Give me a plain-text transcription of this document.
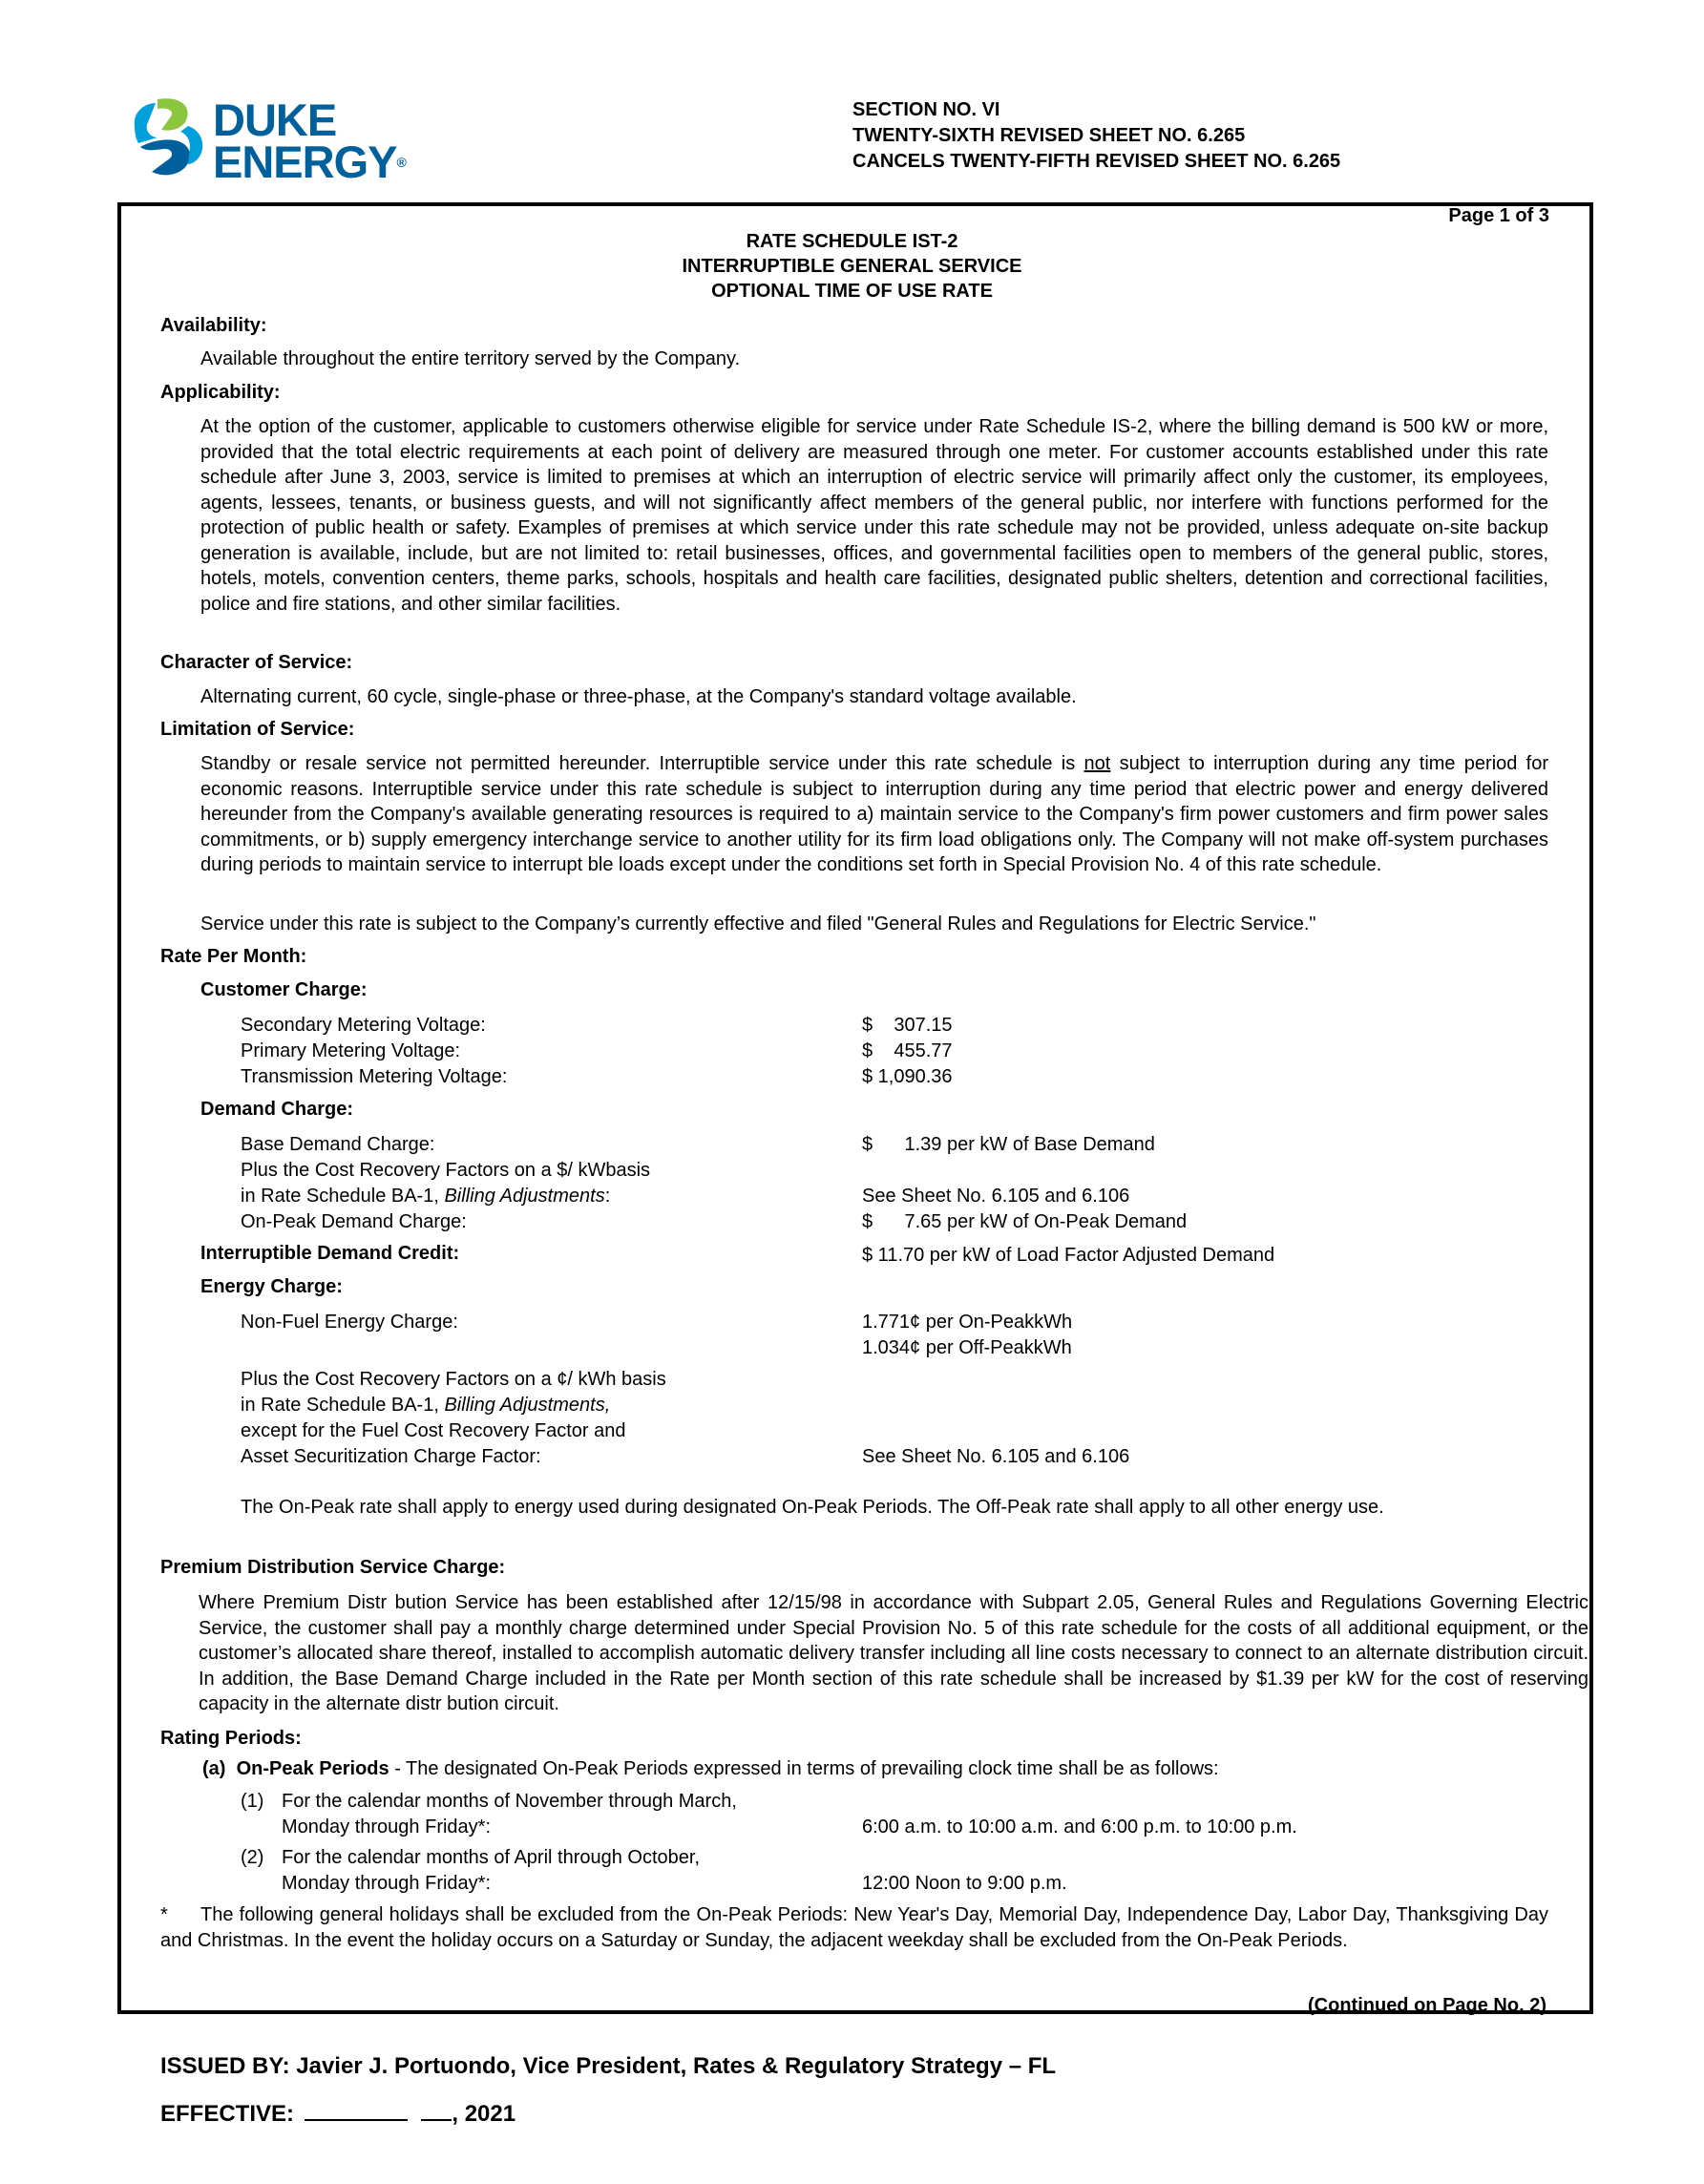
DUKE
ENERGY®
SECTION NO. VI
TWENTY-SIXTH REVISED SHEET NO. 6.265
CANCELS TWENTY-FIFTH REVISED SHEET NO. 6.265
Page 1 of 3
RATE SCHEDULE IST-2
INTERRUPTIBLE GENERAL SERVICE
OPTIONAL TIME OF USE RATE
Availability:
Available throughout the entire territory served by the Company.
Applicability:
At the option of the customer, applicable to customers otherwise eligible for service under Rate Schedule IS-2, where the billing demand is 500 kW or more, provided that the total electric requirements at each point of delivery are measured through one meter. For customer accounts established under this rate schedule after June 3, 2003, service is limited to premises at which an interruption of electric service will primarily affect only the customer, its employees, agents, lessees, tenants, or business guests, and will not significantly affect members of the general public, nor interfere with functions performed for the protection of public health or safety. Examples of premises at which service under this rate schedule may not be provided, unless adequate on-site backup generation is available, include, but are not limited to: retail businesses, offices, and governmental facilities open to members of the general public, stores, hotels, motels, convention centers, theme parks, schools, hospitals and health care facilities, designated public shelters, detention and correctional facilities, police and fire stations, and other similar facilities.
Character of Service:
Alternating current, 60 cycle, single-phase or three-phase, at the Company's standard voltage available.
Limitation of Service:
Standby or resale service not permitted hereunder. Interruptible service under this rate schedule is not subject to interruption during any time period for economic reasons. Interruptible service under this rate schedule is subject to interruption during any time period that electric power and energy delivered hereunder from the Company's available generating resources is required to a) maintain service to the Company's firm power customers and firm power sales commitments, or b) supply emergency interchange service to another utility for its firm load obligations only. The Company will not make off-system purchases during periods to maintain service to interrupt ble loads except under the conditions set forth in Special Provision No. 4 of this rate schedule.
Service under this rate is subject to the Company’s currently effective and filed "General Rules and Regulations for Electric Service."
Rate Per Month:
Customer Charge:
Secondary Metering Voltage:	$    307.15
Primary Metering Voltage:	$    455.77
Transmission Metering Voltage:	$ 1,090.36
Demand Charge:
Base Demand Charge:	$      1.39 per kW of Base Demand
Plus the Cost Recovery Factors on a $/ kWbasis
in Rate Schedule BA-1, Billing Adjustments:	See Sheet No. 6.105 and 6.106
On-Peak Demand Charge:	$      7.65 per kW of On-Peak Demand
Interruptible Demand Credit:	$ 11.70 per kW of Load Factor Adjusted Demand
Energy Charge:
Non-Fuel Energy Charge:	1.771¢ per On-PeakkWh
1.034¢ per Off-PeakkWh
Plus the Cost Recovery Factors on a ¢/ kWh basis
in Rate Schedule BA-1, Billing Adjustments,
except for the Fuel Cost Recovery Factor and
Asset Securitization Charge Factor:	See Sheet No. 6.105 and 6.106
The On-Peak rate shall apply to energy used during designated On-Peak Periods. The Off-Peak rate shall apply to all other energy use.
Premium Distribution Service Charge:
Where Premium Distr bution Service has been established after 12/15/98 in accordance with Subpart 2.05, General Rules and Regulations Governing Electric Service, the customer shall pay a monthly charge determined under Special Provision No. 5 of this rate schedule for the costs of all additional equipment, or the customer’s allocated share thereof, installed to accomplish automatic delivery transfer including all line costs necessary to connect to an alternate distribution circuit. In addition, the Base Demand Charge included in the Rate per Month section of this rate schedule shall be increased by $1.39 per kW for the cost of reserving capacity in the alternate distr bution circuit.
Rating Periods:
(a) On-Peak Periods - The designated On-Peak Periods expressed in terms of prevailing clock time shall be as follows:
(1) For the calendar months of November through March,
Monday through Friday*:	6:00 a.m. to 10:00 a.m. and 6:00 p.m. to 10:00 p.m.
(2) For the calendar months of April through October,
Monday through Friday*:	12:00 Noon to 9:00 p.m.
*	The following general holidays shall be excluded from the On-Peak Periods: New Year's Day, Memorial Day, Independence Day, Labor Day, Thanksgiving Day and Christmas. In the event the holiday occurs on a Saturday or Sunday, the adjacent weekday shall be excluded from the On-Peak Periods.
(Continued on Page No. 2)
ISSUED BY: Javier J. Portuondo, Vice President, Rates & Regulatory Strategy – FL
EFFECTIVE:	, 2021
